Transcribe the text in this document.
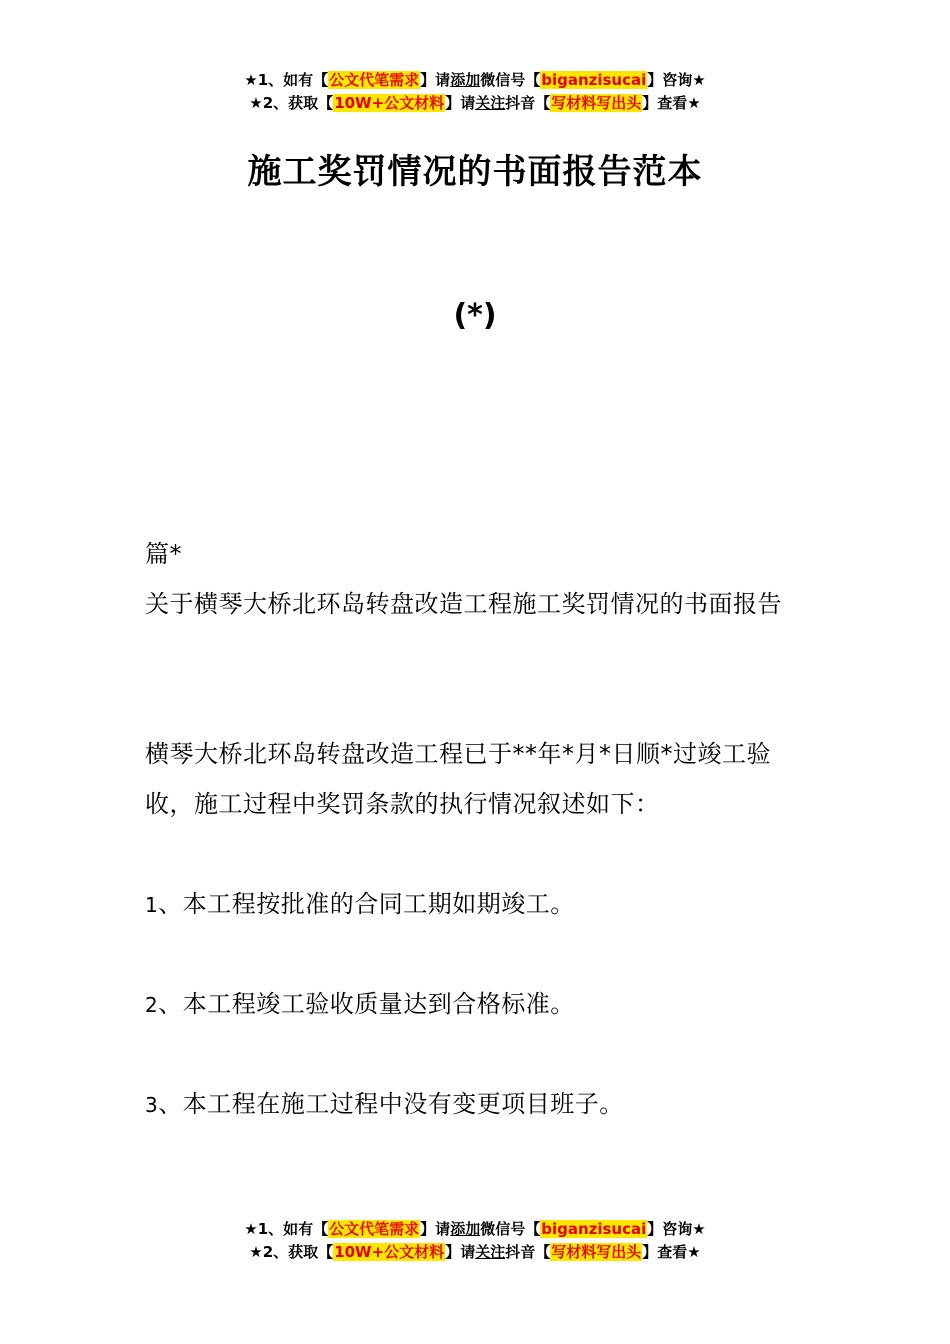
★1、如有【公文代笔需求】请添加微信号【biganzisucai】咨询★
★2、获取【10W+公文材料】请关注抖音【写材料写出头】查看★
施工奖罚情况的书面报告范本
(*)
篇*
关于横琴大桥北环岛转盘改造工程施工奖罚情况的书面报告
横琴大桥北环岛转盘改造工程已于**年*月*日顺*过竣工验收，施工过程中奖罚条款的执行情况叙述如下：
1、本工程按批准的合同工期如期竣工。
2、本工程竣工验收质量达到合格标准。
3、本工程在施工过程中没有变更项目班子。
★1、如有【公文代笔需求】请添加微信号【biganzisucai】咨询★
★2、获取【10W+公文材料】请关注抖音【写材料写出头】查看★
